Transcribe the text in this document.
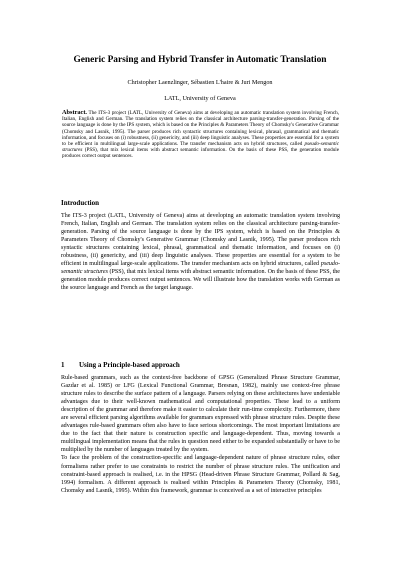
Generic Parsing and Hybrid Transfer in Automatic Translation
Christopher Laenzlinger, Sébastien L'haire & Juri Mengon
LATL, University of Geneva
Abstract. The ITS-3 project (LATL, University of Geneva) aims at developing an automatic translation system involving French, Italian, English and German. The translation system relies on the classical architecture parsing-transfer-generation. Parsing of the source language is done by the IPS system, which is based on the Principles & Parameters Theory of Chomsky's Generative Grammar (Chomsky and Lasnik, 1995). The parser produces rich syntactic structures containing lexical, phrasal, grammatical and thematic information, and focuses on (i) robustness, (ii) genericity, and (iii) deep linguistic analyses. These properties are essential for a system to be efficient in multilingual large-scale applications. The transfer mechanism acts on hybrid structures, called pseudo-semantic structures (PSS), that mix lexical items with abstract semantic information. On the basis of these PSS, the generation module produces correct output sentences.
Introduction
The ITS-3 project (LATL, University of Geneva) aims at developing an automatic translation system involving French, Italian, English and German. The translation system relies on the classical architecture parsing-transfer-generation. Parsing of the source language is done by the IPS system, which is based on the Principles & Parameters Theory of Chomsky's Generative Grammar (Chomsky and Lasnik, 1995). The parser produces rich syntactic structures containing lexical, phrasal, grammatical and thematic information, and focuses on (i) robustness, (ii) genericity, and (iii) deep linguistic analyses. These properties are essential for a system to be efficient in multilingual large-scale applications. The transfer mechanism acts on hybrid structures, called pseudo-semantic structures (PSS), that mix lexical items with abstract semantic information. On the basis of these PSS, the generation module produces correct output sentences. We will illustrate how the translation works with German as the source language and French as the target language.
1 Using a Principle-based approach

Rule-based grammars, such as the context-free backbone of GPSG (Generalized Phrase Structure Grammar, Gazdar et al. 1985) or LFG (Lexical Functional Grammar, Bresnan, 1982), mainly use context-free phrase structure rules to describe the surface pattern of a language. Parsers relying on these architectures have undeniable advantages due to their well-known mathematical and computational properties. These lead to a uniform description of the grammar and therefore make it easier to calculate their run-time complexity. Furthermore, there are several efficient parsing algorithms available for grammars expressed with phrase structure rules. Despite these advantages rule-based grammars often also have to face serious shortcomings. The most important limitations are due to the fact that their nature is construction specific and language-dependent. Thus, moving towards a multilingual implementation means that the rules in question need either to be expanded substantially or have to be multiplied by the number of languages treated by the system.

To face the problem of the construction-specific and language-dependent nature of phrase structure rules, other formalisms rather prefer to use constraints to restrict the number of phrase structure rules. The unification and constraint-based approach is realised, i.e. in the HPSG (Head-driven Phrase Structure Grammar, Pollard & Sag, 1994) formalism. A different approach is realised within Principles & Parameters Theory (Chomsky, 1981, Chomsky and Lasnik, 1995). Within this framework, grammar is conceived as a set of interactive principles
